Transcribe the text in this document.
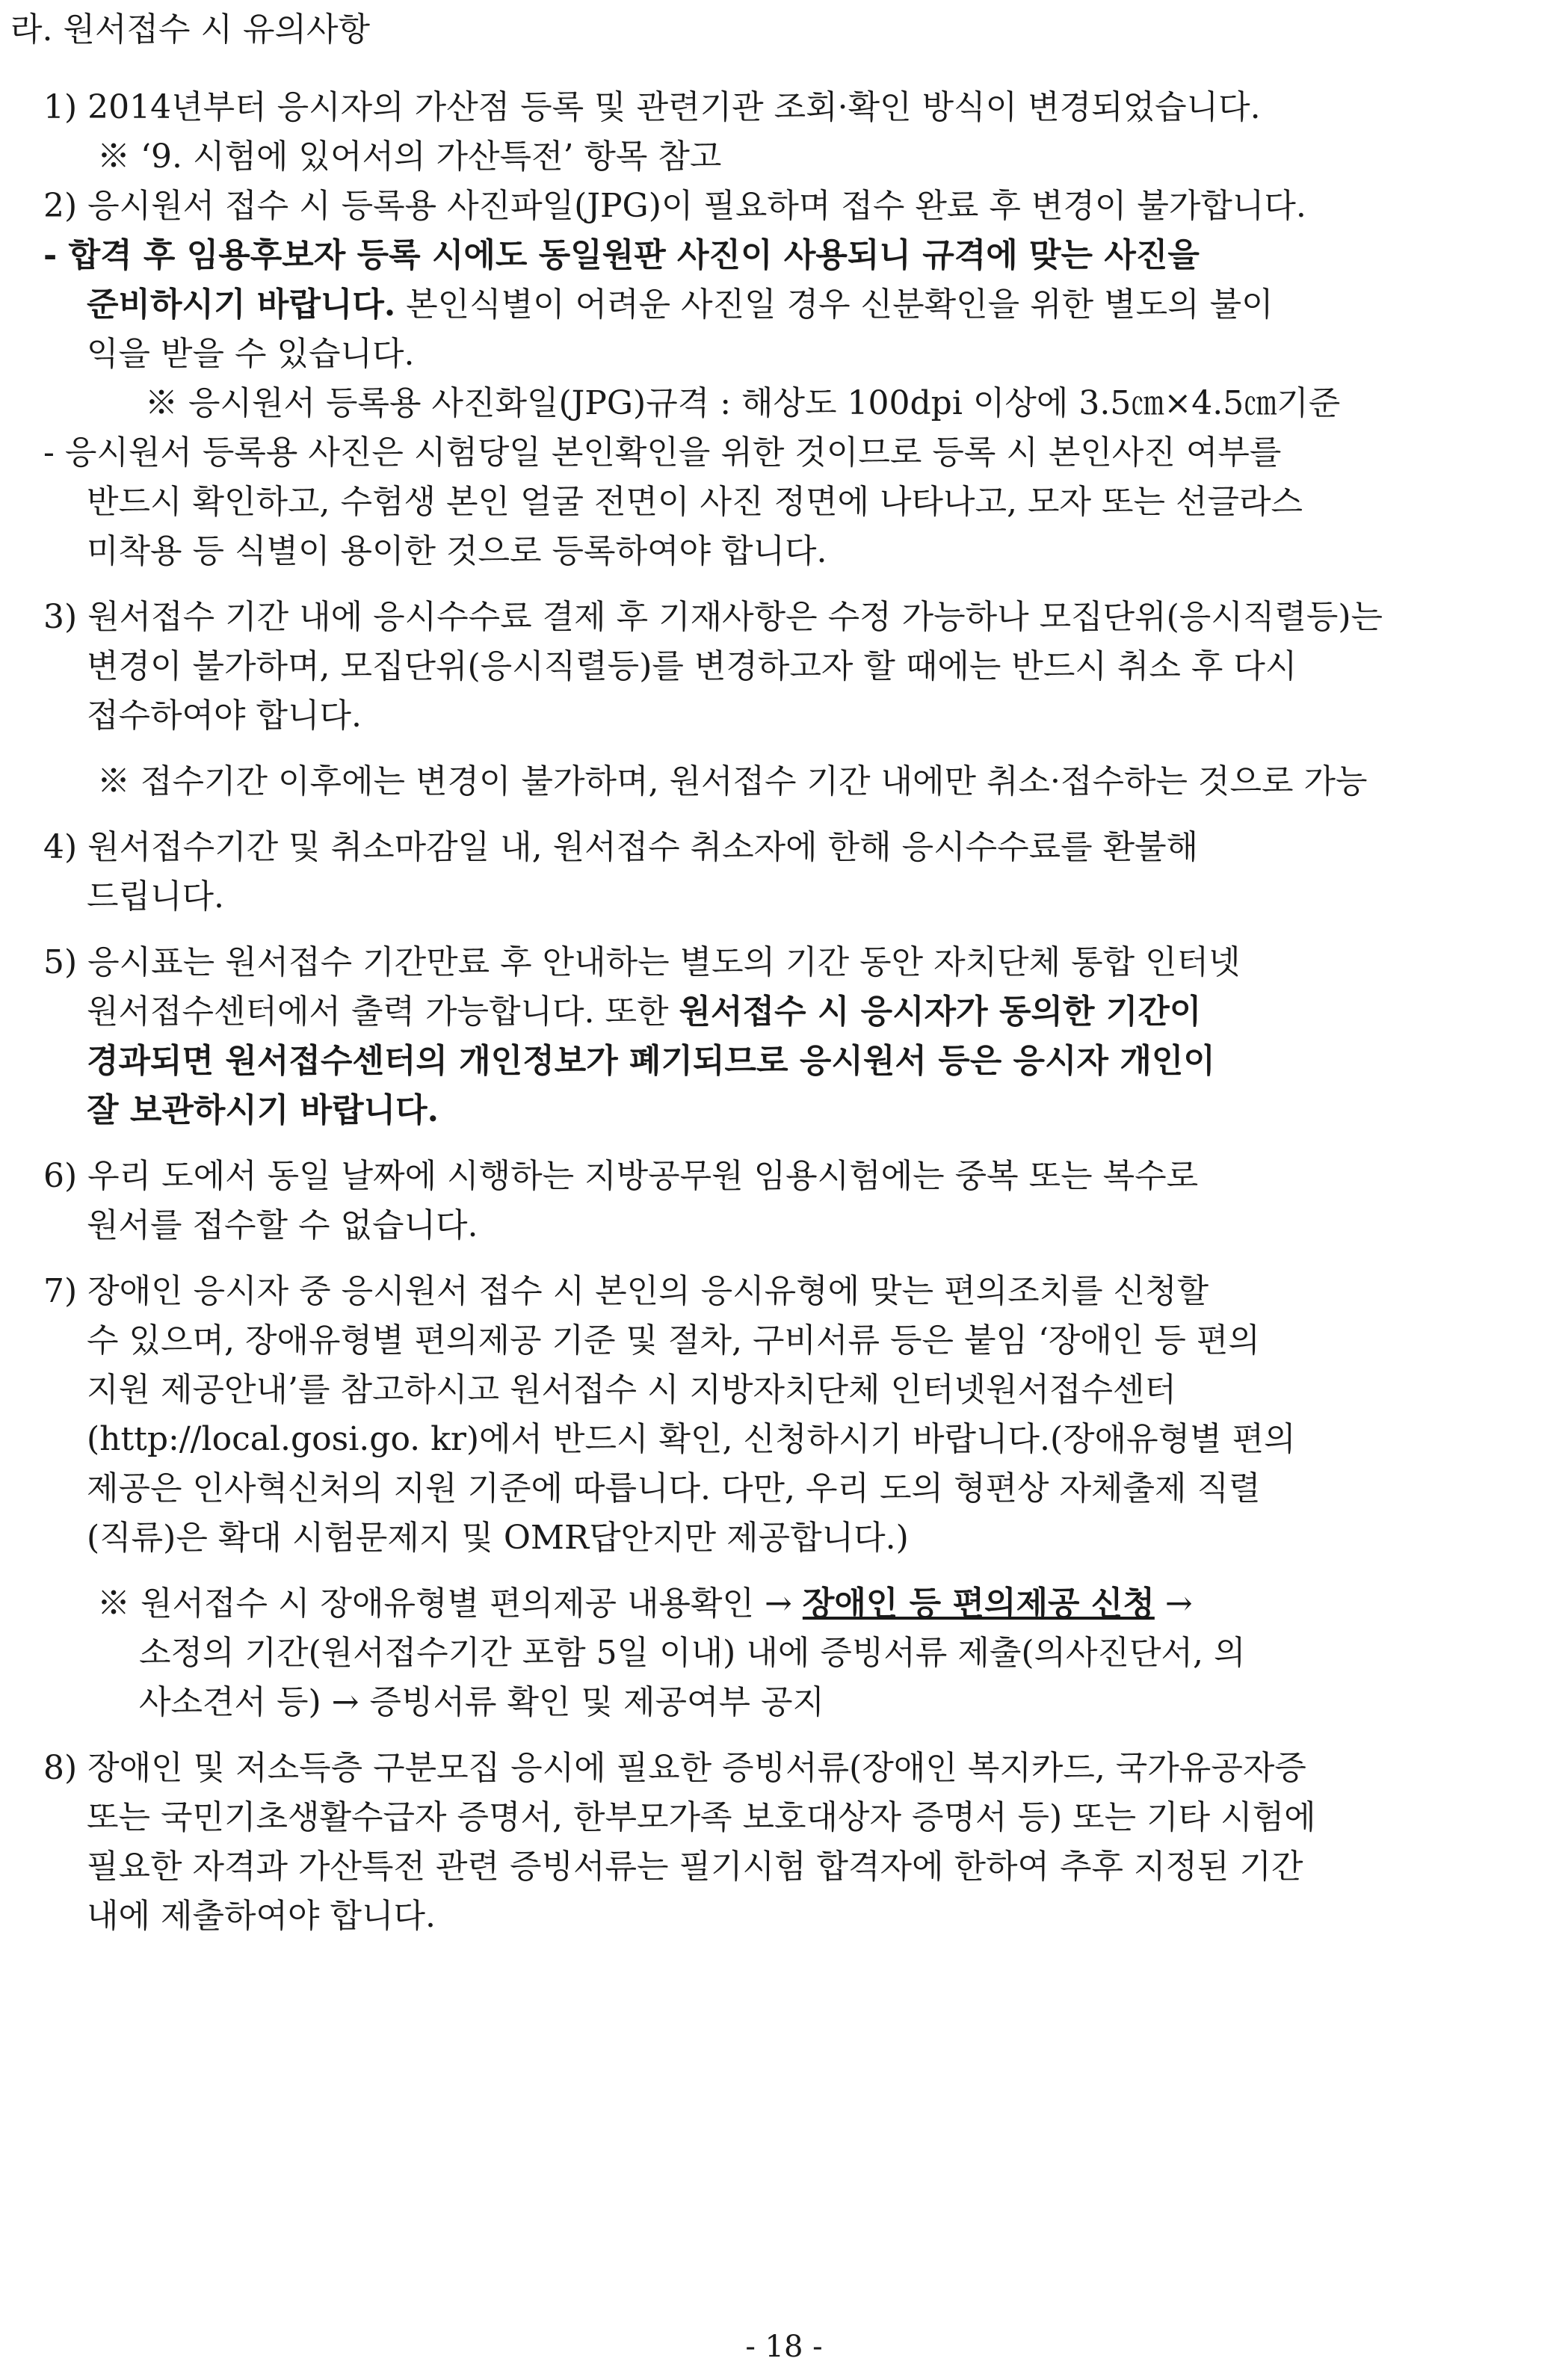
라. 원서접수 시 유의사항
1) 2014년부터 응시자의 가산점 등록 및 관련기관 조회·확인 방식이 변경되었습니다.
※ ‘9. 시험에 있어서의 가산특전’ 항목 참고
2) 응시원서 접수 시 등록용 사진파일(JPG)이 필요하며 접수 완료 후 변경이 불가합니다.
- 합격 후 임용후보자 등록 시에도 동일원판 사진이 사용되니 규격에 맞는 사진을
준비하시기 바랍니다. 본인식별이 어려운 사진일 경우 신분확인을 위한 별도의 불이
익을 받을 수 있습니다.
※ 응시원서 등록용 사진화일(JPG)규격 : 해상도 100dpi 이상에 3.5㎝×4.5㎝기준
- 응시원서 등록용 사진은 시험당일 본인확인을 위한 것이므로 등록 시 본인사진 여부를
반드시 확인하고, 수험생 본인 얼굴 전면이 사진 정면에 나타나고, 모자 또는 선글라스
미착용 등 식별이 용이한 것으로 등록하여야 합니다.
3) 원서접수 기간 내에 응시수수료 결제 후 기재사항은 수정 가능하나 모집단위(응시직렬등)는
변경이 불가하며, 모집단위(응시직렬등)를 변경하고자 할 때에는 반드시 취소 후 다시
접수하여야 합니다.
※ 접수기간 이후에는 변경이 불가하며, 원서접수 기간 내에만 취소·접수하는 것으로 가능
4) 원서접수기간 및 취소마감일 내, 원서접수 취소자에 한해 응시수수료를 환불해
드립니다.
5) 응시표는 원서접수 기간만료 후 안내하는 별도의 기간 동안 자치단체 통합 인터넷
원서접수센터에서 출력 가능합니다. 또한 원서접수 시 응시자가 동의한 기간이
경과되면 원서접수센터의 개인정보가 폐기되므로 응시원서 등은 응시자 개인이
잘 보관하시기 바랍니다.
6) 우리 도에서 동일 날짜에 시행하는 지방공무원 임용시험에는 중복 또는 복수로
원서를 접수할 수 없습니다.
7) 장애인 응시자 중 응시원서 접수 시 본인의 응시유형에 맞는 편의조치를 신청할
수 있으며, 장애유형별 편의제공 기준 및 절차, 구비서류 등은 붙임 ‘장애인 등 편의
지원 제공안내’를 참고하시고 원서접수 시 지방자치단체 인터넷원서접수센터
(http://local.gosi.go. kr)에서 반드시 확인, 신청하시기 바랍니다.(장애유형별 편의
제공은 인사혁신처의 지원 기준에 따릅니다. 다만, 우리 도의 형편상 자체출제 직렬
(직류)은 확대 시험문제지 및 OMR답안지만 제공합니다.)
※ 원서접수 시 장애유형별 편의제공 내용확인 → 장애인 등 편의제공 신청 →
소정의 기간(원서접수기간 포함 5일 이내) 내에 증빙서류 제출(의사진단서, 의
사소견서 등) → 증빙서류 확인 및 제공여부 공지
8) 장애인 및 저소득층 구분모집 응시에 필요한 증빙서류(장애인 복지카드, 국가유공자증
또는 국민기초생활수급자 증명서, 한부모가족 보호대상자 증명서 등) 또는 기타 시험에
필요한 자격과 가산특전 관련 증빙서류는 필기시험 합격자에 한하여 추후 지정된 기간
내에 제출하여야 합니다.
- 18 -
